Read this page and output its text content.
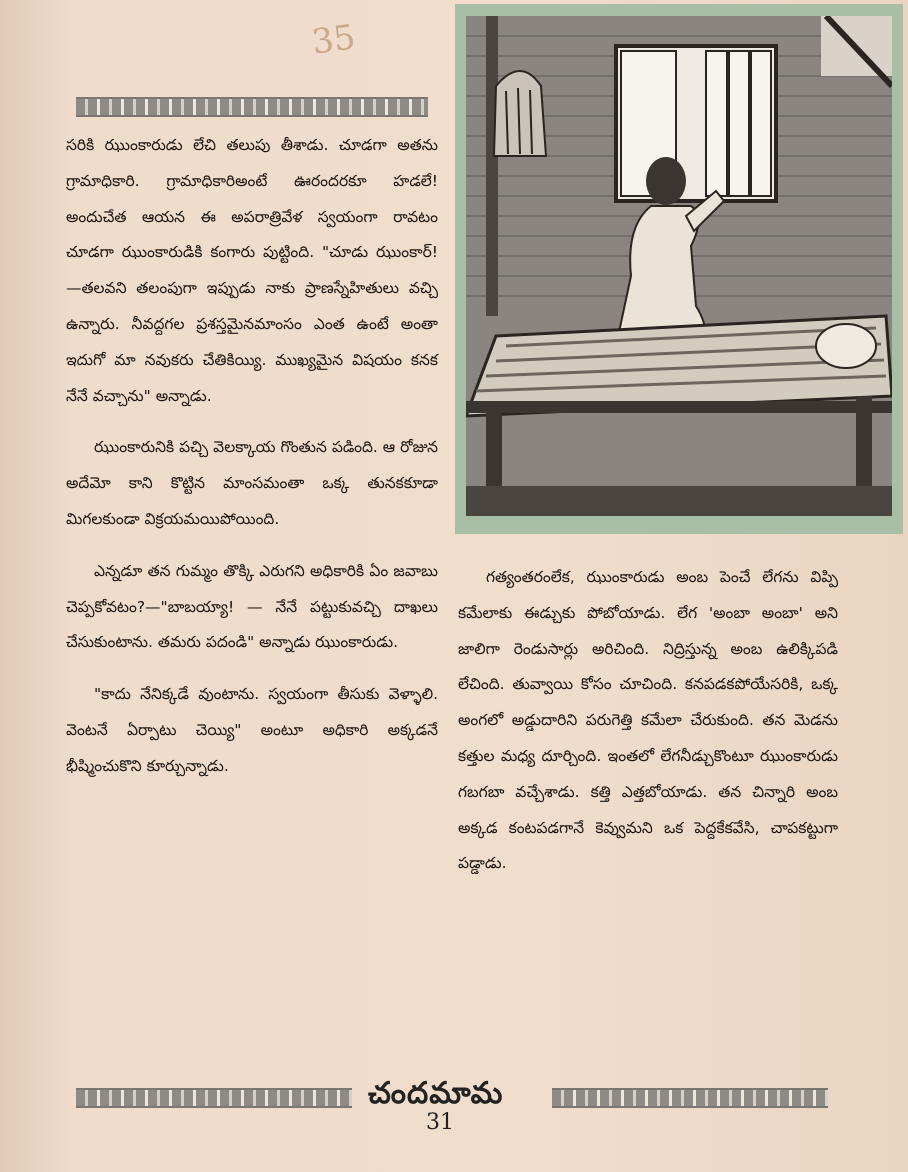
35

సరికి ఝుంకారుడు లేచి తలుపు తీశాడు. చూడగా అతను గ్రామాధికారి. గ్రామాధికారిఅంటే ఊరందరకూ హడలే! అందుచేత ఆయన ఈ అపరాత్రివేళ స్వయంగా రావటం చూడగా ఝుంకారుడికి కంగారు పుట్టింది. "చూడు ఝుంకార్!—తలవని తలంపుగా ఇప్పుడు నాకు ప్రాణస్నేహితులు వచ్చి ఉన్నారు. నీవద్దగల ప్రశస్తమైనమాంసం ఎంత ఉంటే అంతా ఇదుగో మా నవుకరు చేతికియ్యి. ముఖ్యమైన విషయం కనక నేనే వచ్చాను" అన్నాడు.

ఝుంకారునికి పచ్చి వెలక్కాయ గొంతున పడింది. ఆ రోజున అదేమో కాని కొట్టిన మాంసమంతా ఒక్క తునకకూడా మిగలకుండా విక్రయమయిపోయింది.

ఎన్నడూ తన గుమ్మం తొక్కి ఎరుగని అధికారికి ఏం జవాబు చెప్పకోవటం?—"బాబయ్యా! — నేనే పట్టుకువచ్చి దాఖలు చేసుకుంటాను. తమరు పదండి" అన్నాడు ఝుంకారుడు.

"కాదు నేనిక్కడే వుంటాను. స్వయంగా తీసుకు వెళ్ళాలి. వెంటనే ఏర్పాటు చెయ్యి" అంటూ అధికారి అక్కడనే భీష్మించుకొని కూర్చున్నాడు.

గత్యంతరంలేక, ఝుంకారుడు అంబ పెంచే లేగను విప్పి కమేలాకు ఈడ్చుకు పోబోయాడు. లేగ 'అంబా అంబా' అని జాలిగా రెండుసార్లు అరిచింది. నిద్రిస్తున్న అంబ ఉలిక్కిపడి లేచింది. తువ్వాయి కోసం చూచింది. కనపడకపోయేసరికి, ఒక్క అంగలో అడ్డుదారిని పరుగెత్తి కమేలా చేరుకుంది. తన మెడను కత్తుల మధ్య దూర్చింది. ఇంతలో లేగనీడ్చుకొంటూ ఝుంకారుడు గబగబా వచ్చేశాడు. కత్తి ఎత్తబోయాడు. తన చిన్నారి అంబ అక్కడ కంటపడగానే కెవ్వుమని ఒక పెద్దకేకవేసి, చాపకట్టుగా పడ్డాడు.

చందమామ
31
